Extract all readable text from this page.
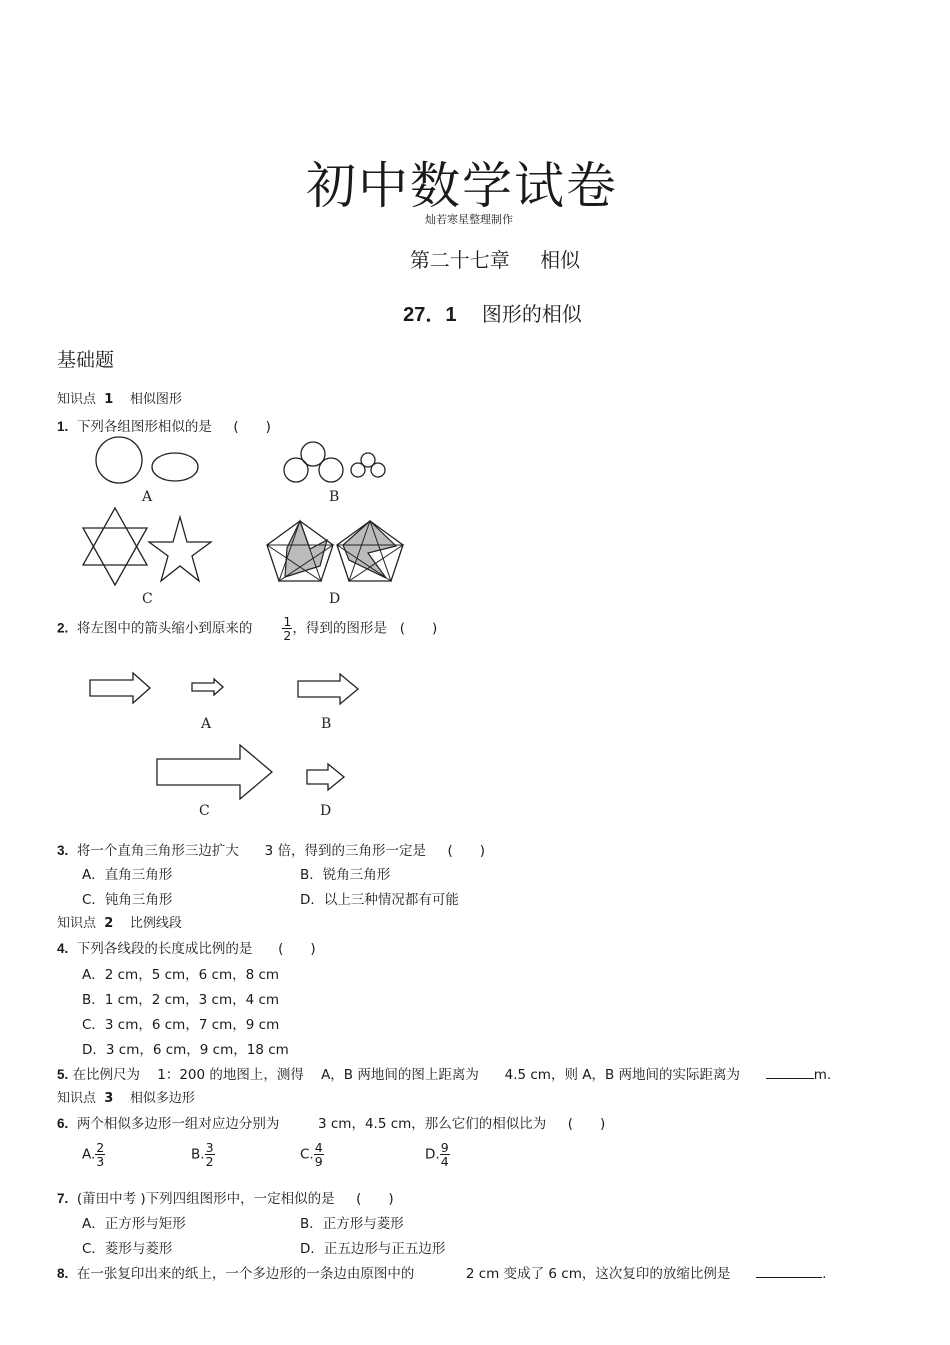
初中数学试卷
灿若寒星整理制作
第二十七章 相似
27．1 图形的相似
基础题
知识点 1 相似图形
1. 下列各组图形相似的是 (　　)
A	B
C	D
2. 将左图中的箭头缩小到原来的 $\frac{1}{2}$ ，得到的图形是 (　　)
A	B
C	D
3. 将一个直角三角形三边扩大 3 倍，得到的三角形一定是 (　　)
A．直角三角形	B．锐角三角形
C．钝角三角形	D．以上三种情况都有可能
知识点 2 比例线段
4. 下列各线段的长度成比例的是 (　　)
A．2 cm，5 cm，6 cm，8 cm
B．1 cm，2 cm，3 cm，4 cm
C．3 cm，6 cm，7 cm，9 cm
D．3 cm，6 cm，9 cm，18 cm
5. 在比例尺为 1：200 的地图上，测得 A，B 两地间的图上距离为 4.5 cm，则 A，B 两地间的实际距离为	m.
知识点 3 相似多边形
6. 两个相似多边形一组对应边分别为	3 cm，4.5 cm，那么它们的相似比为 (　　)
A. $\frac{2}{3}$	B. $\frac{3}{2}$	C. $\frac{4}{9}$	D. $\frac{9}{4}$
7. (莆田中考 )下列四组图形中，一定相似的是 (　　)
A．正方形与矩形	B．正方形与菱形
C．菱形与菱形	D．正五边形与正五边形
8. 在一张复印出来的纸上，一个多边形的一条边由原图中的	2 cm 变成了 6 cm，这次复印的放缩比例是	.
